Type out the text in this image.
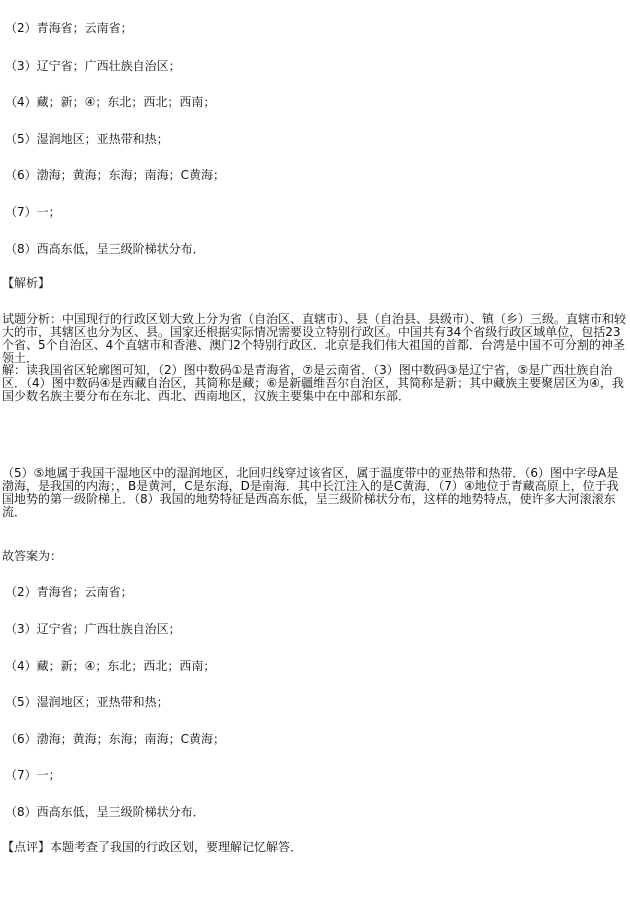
（2）青海省；云南省；
（3）辽宁省；广西壮族自治区；
（4）藏；新；④；东北；西北；西南；
（5）湿润地区；亚热带和热；
（6）渤海；黄海；东海；南海；C黄海；
（7）一；
（8）西高东低，呈三级阶梯状分布．
【解析】
试题分析：中国现行的行政区划大致上分为省（自治区、直辖市）、县（自治县、县级市）、镇（乡）三级。直辖市和较大的市，其辖区也分为区、县。国家还根据实际情况需要设立特别行政区。中国共有34个省级行政区域单位，包括23个省、5个自治区、4个直辖市和香港、澳门2个特别行政区．北京是我们伟大祖国的首都．台湾是中国不可分割的神圣领土．
解：读我国省区轮廓图可知，（2）图中数码①是青海省，⑦是云南省．（3）图中数码③是辽宁省，⑤是广西壮族自治区．（4）图中数码④是西藏自治区，其简称是藏；⑥是新疆维吾尔自治区，其简称是新；其中藏族主要聚居区为④，我国少数名族主要分布在东北、西北、西南地区，汉族主要集中在中部和东部．
（5）⑤地属于我国干湿地区中的湿润地区，北回归线穿过该省区，属于温度带中的亚热带和热带．（6）图中字母A是渤海，是我国的内海；，B是黄河，C是东海，D是南海．其中长江注入的是C黄海．（7）④地位于青藏高原上，位于我国地势的第一级阶梯上．（8）我国的地势特征是西高东低，呈三级阶梯状分布，这样的地势特点，使许多大河滚滚东流．
故答案为：
（2）青海省；云南省；
（3）辽宁省；广西壮族自治区；
（4）藏；新；④；东北；西北；西南；
（5）湿润地区；亚热带和热；
（6）渤海；黄海；东海；南海；C黄海；
（7）一；
（8）西高东低，呈三级阶梯状分布．
【点评】本题考查了我国的行政区划，要理解记忆解答．
